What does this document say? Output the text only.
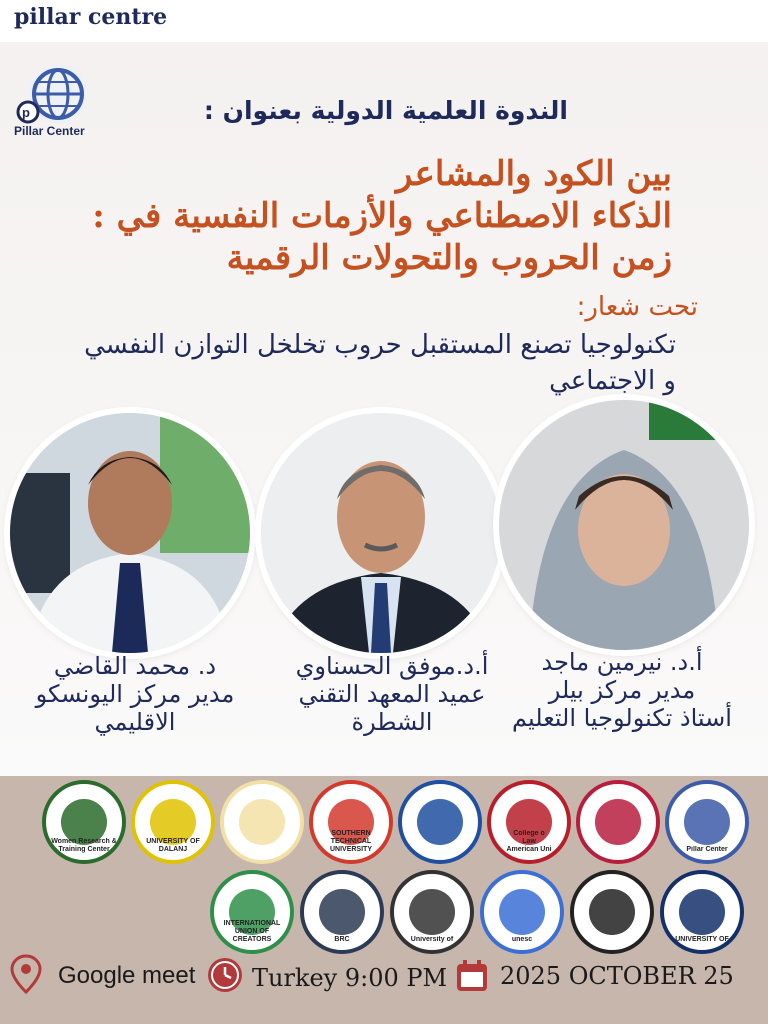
pillar centre
p
Pillar Center
الندوة العلمية الدولية بعنوان :
بين الكود والمشاعر
الذكاء الاصطناعي والأزمات النفسية في :
زمن الحروب والتحولات الرقمية
تحت شعار:
تكنولوجيا تصنع المستقبل حروب تخلخل التوازن النفسي
و الاجتماعي
د. محمد القاضي
مدير مركز اليونسكو
الاقليمي
أ.د.موفق الحسناوي
عميد المعهد التقني
الشطرة
أ.د. نيرمين ماجد
مدير مركز بيلر
أستاذ تكنولوجيا التعليم
Women Research & Training Center
UNIVERSITY OF DALANJ
SOUTHERN TECHNICAL UNIVERSITY
College o
Law
American Uni	Pillar Center
INTERNATIONAL UNION OF CREATORS	BRC	University of	unesc	UNIVERSITY OF
Google meet Turkey 9:00 PM 2025 OCTOBER 25
